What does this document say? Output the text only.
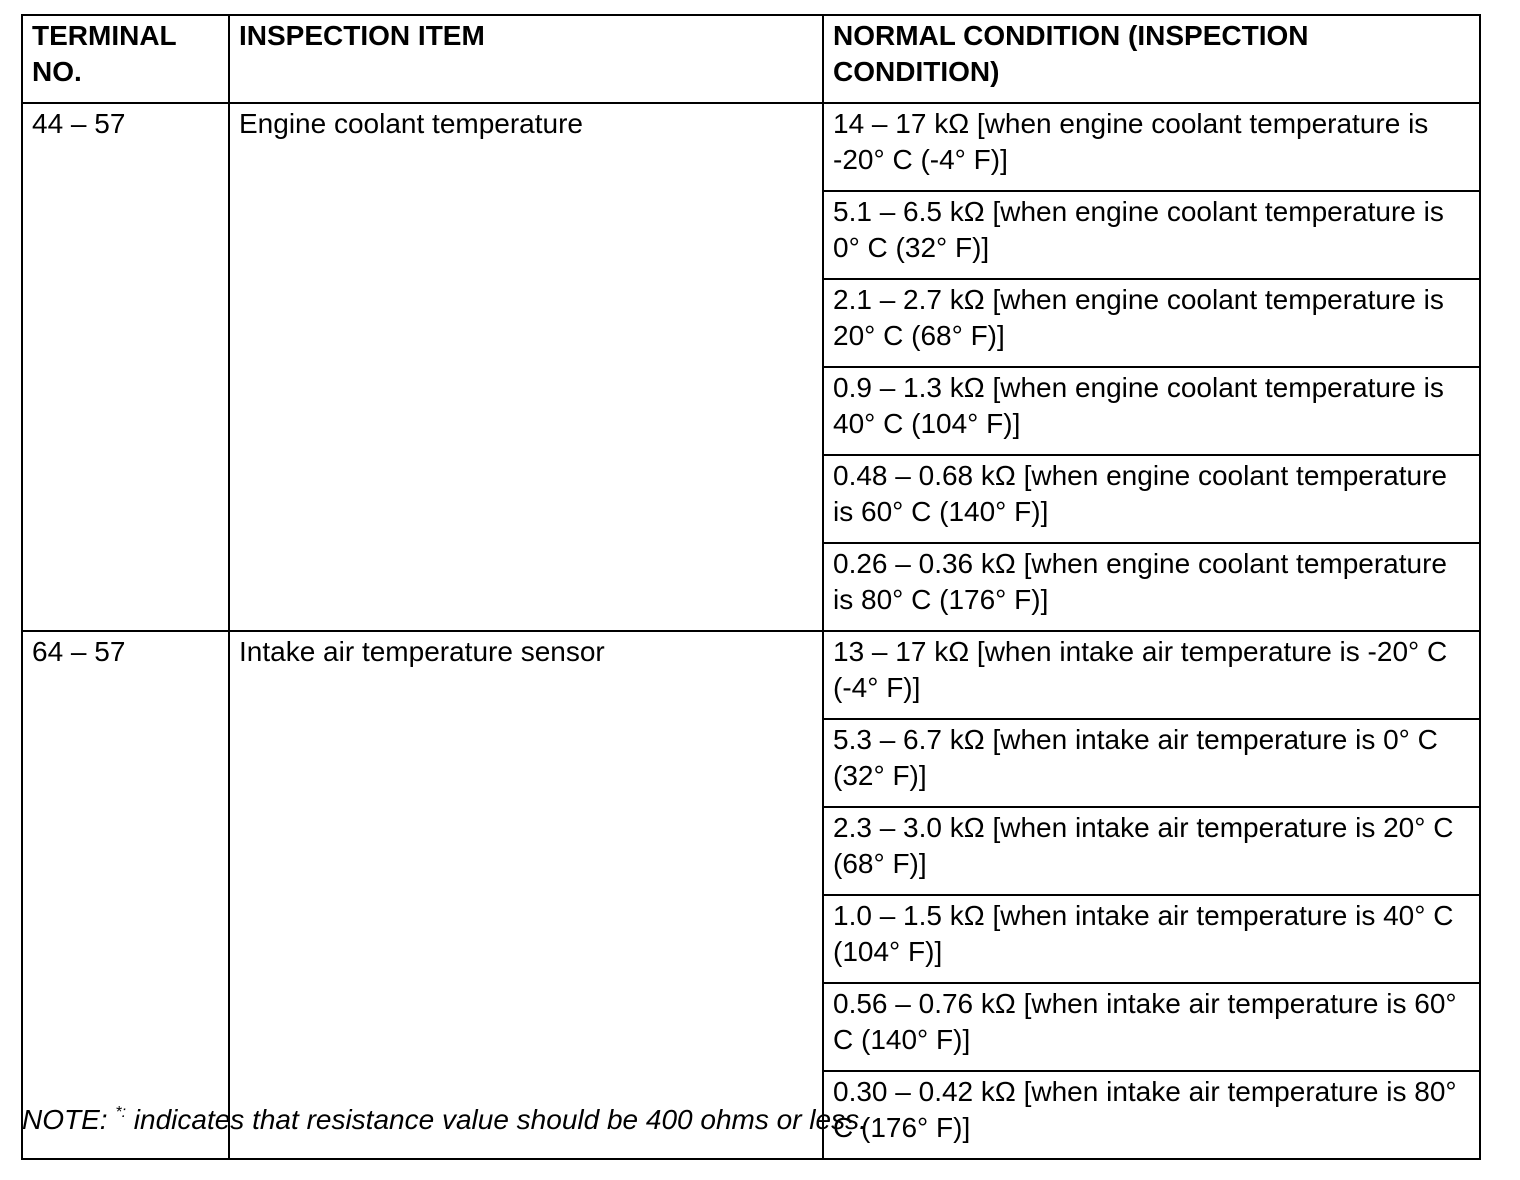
TERMINAL NO.	INSPECTION ITEM	NORMAL CONDITION (INSPECTION CONDITION)
44 – 57	Engine coolant temperature	14 – 17 kΩ [when engine coolant temperature is -20° C (-4° F)]
		5.1 – 6.5 kΩ [when engine coolant temperature is 0° C (32° F)]
		2.1 – 2.7 kΩ [when engine coolant temperature is 20° C (68° F)]
		0.9 – 1.3 kΩ [when engine coolant temperature is 40° C (104° F)]
		0.48 – 0.68 kΩ [when engine coolant temperature is 60° C (140° F)]
		0.26 – 0.36 kΩ [when engine coolant temperature is 80° C (176° F)]
64 – 57	Intake air temperature sensor	13 – 17 kΩ [when intake air temperature is -20° C (-4° F)]
		5.3 – 6.7 kΩ [when intake air temperature is 0° C (32° F)]
		2.3 – 3.0 kΩ [when intake air temperature is 20° C (68° F)]
		1.0 – 1.5 kΩ [when intake air temperature is 40° C (104° F)]
		0.56 – 0.76 kΩ [when intake air temperature is 60° C (140° F)]
		0.30 – 0.42 kΩ [when intake air temperature is 80° C (176° F)]
NOTE: *: indicates that resistance value should be 400 ohms or less.
